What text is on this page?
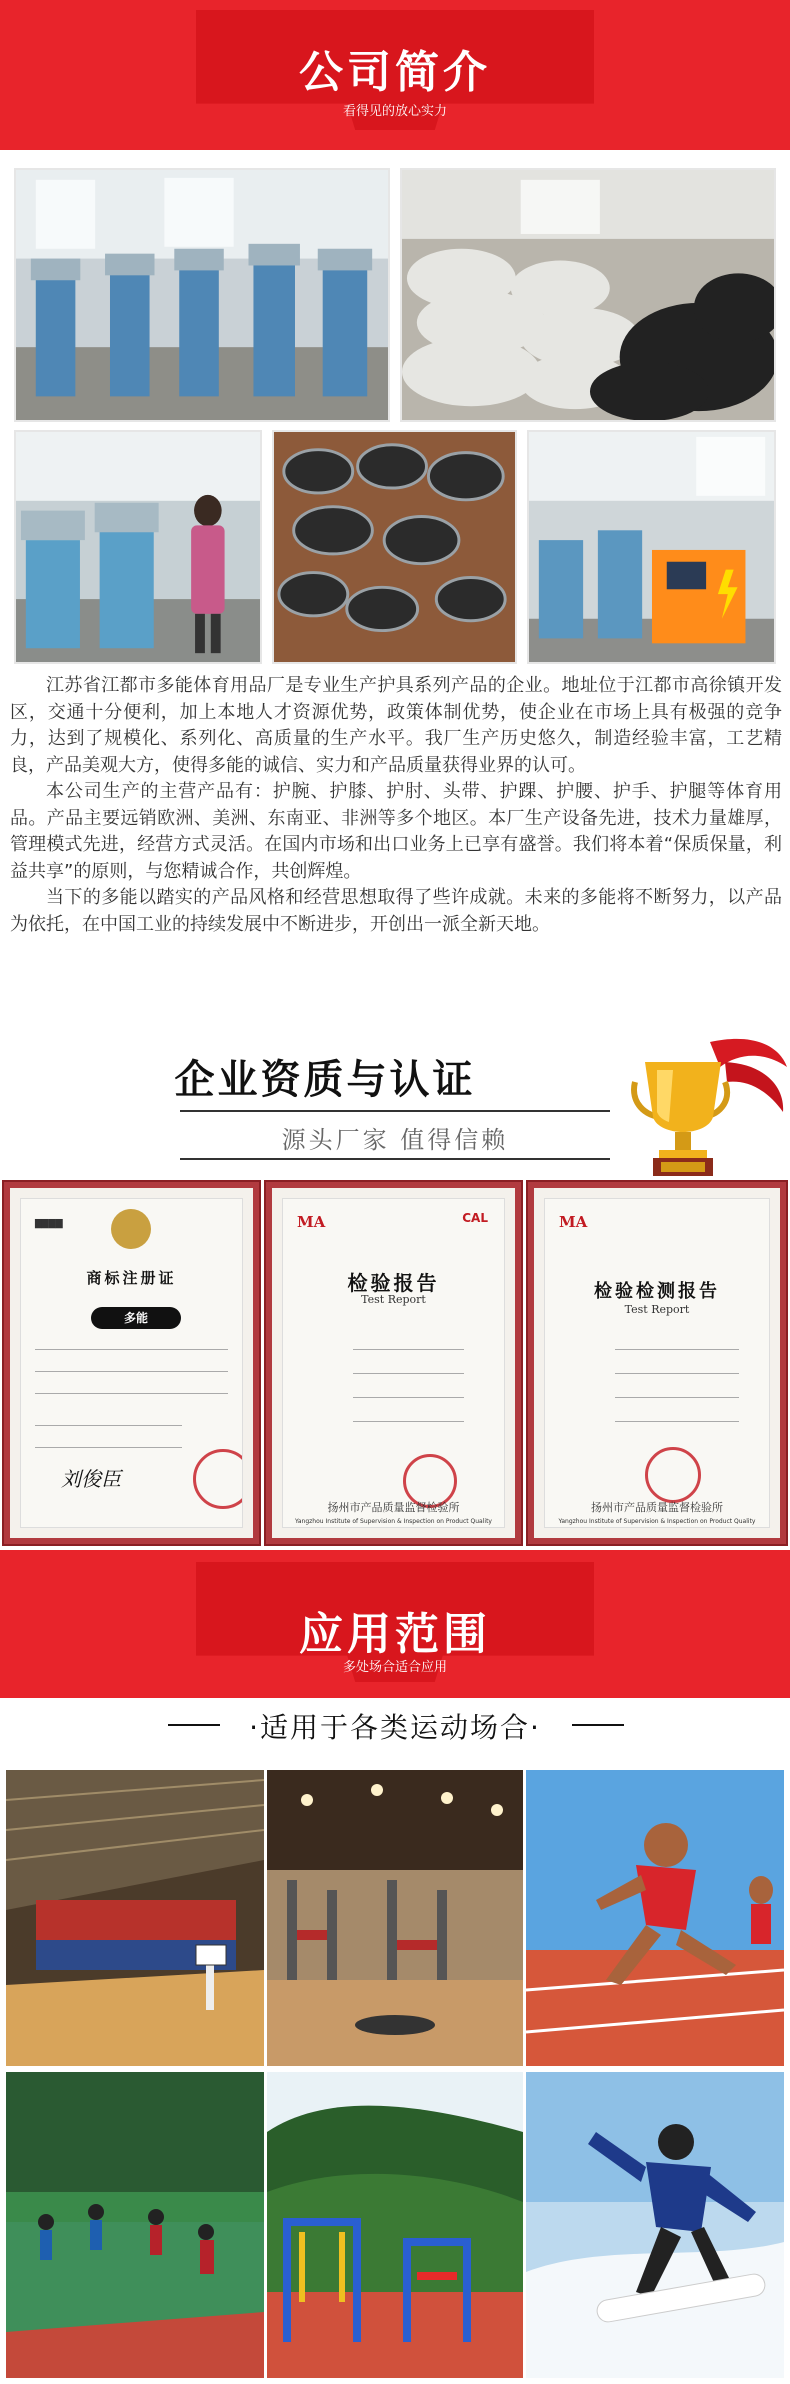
公司简介
看得见的放心实力

江苏省江都市多能体育用品厂是专业生产护具系列产品的企业。地址位于江都市高徐镇开发区，交通十分便利，加上本地人才资源优势，政策体制优势，使企业在市场上具有极强的竞争力，达到了规模化、系列化、高质量的生产水平。我厂生产历史悠久，制造经验丰富，工艺精良，产品美观大方，使得多能的诚信、实力和产品质量获得业界的认可。

本公司生产的主营产品有：护腕、护膝、护肘、头带、护踝、护腰、护手、护腿等体育用品。产品主要远销欧洲、美洲、东南亚、非洲等多个地区。本厂生产设备先进，技术力量雄厚，管理模式先进，经营方式灵活。在国内市场和出口业务上已享有盛誉。我们将本着“保质保量，利益共享”的原则，与您精诚合作，共创辉煌。

当下的多能以踏实的产品风格和经营思想取得了些许成就。未来的多能将不断努力，以产品为依托，在中国工业的持续发展中不断进步，开创出一派全新天地。

企业资质与认证
源头厂家 值得信赖
▇▇▇▇
商标注册证
多能
刘俊臣
MA	CAL
检验报告
Test Report
扬州市产品质量监督检验所
Yangzhou Institute of Supervision & Inspection on Product Quality
MA
检验检测报告
Test Report
扬州市产品质量监督检验所
Yangzhou Institute of Supervision & Inspection on Product Quality
应用范围
多处场合适合应用
·适用于各类运动场合·
